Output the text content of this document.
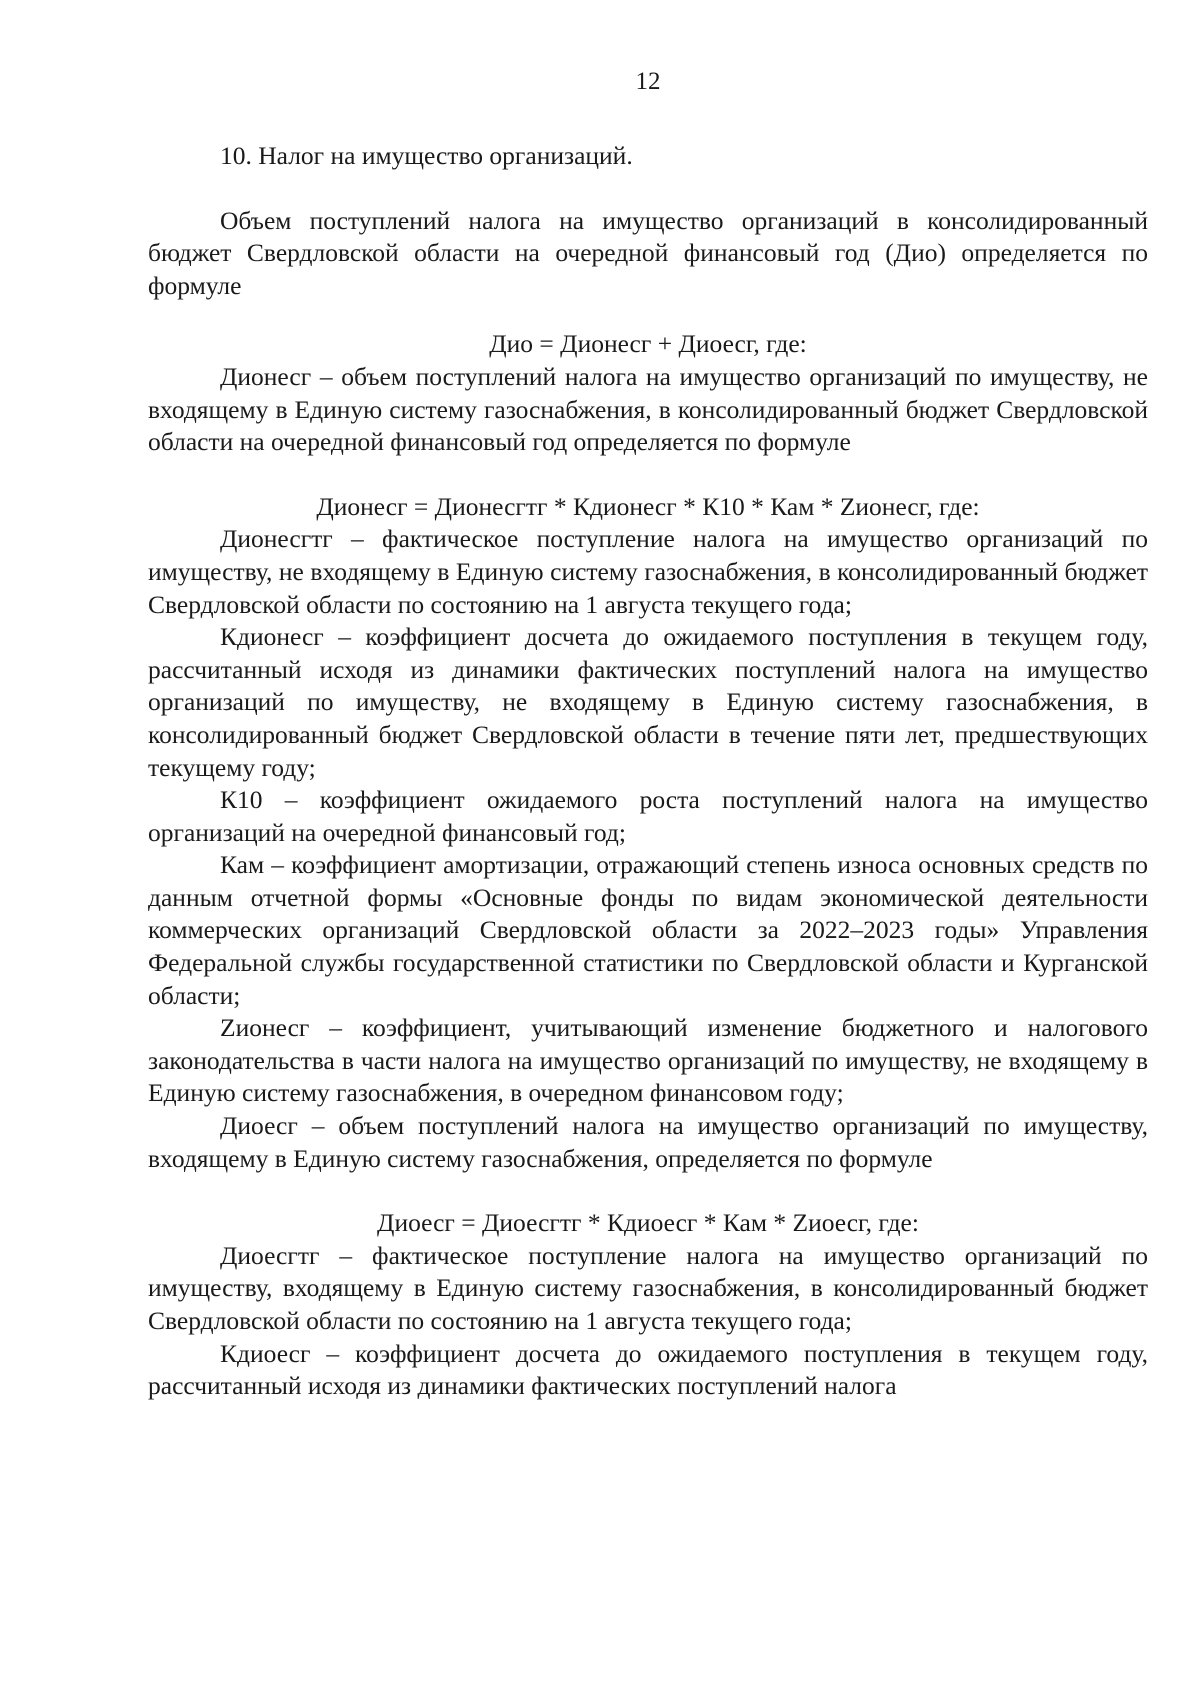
12

10. Налог на имущество организаций.

Объем поступлений налога на имущество организаций в консолидированный бюджет Свердловской области на очередной финансовый год (Дио) определяется по формуле

Дио = Дионесг + Диоесг, где:

Дионесг – объем поступлений налога на имущество организаций по имуществу, не входящему в Единую систему газоснабжения, в консолидированный бюджет Свердловской области на очередной финансовый год определяется по формуле

Дионесг = Дионесгтг * Кдионесг * К10 * Кам * Zионесг, где:

Дионесгтг – фактическое поступление налога на имущество организаций по имуществу, не входящему в Единую систему газоснабжения, в консолидированный бюджет Свердловской области по состоянию на 1 августа текущего года;

Кдионесг – коэффициент досчета до ожидаемого поступления в текущем году, рассчитанный исходя из динамики фактических поступлений налога на имущество организаций по имуществу, не входящему в Единую систему газоснабжения, в консолидированный бюджет Свердловской области в течение пяти лет, предшествующих текущему году;

К10 – коэффициент ожидаемого роста поступлений налога на имущество организаций на очередной финансовый год;

Кам – коэффициент амортизации, отражающий степень износа основных средств по данным отчетной формы «Основные фонды по видам экономической деятельности коммерческих организаций Свердловской области за 2022–2023 годы» Управления Федеральной службы государственной статистики по Свердловской области и Курганской области;

Zионесг – коэффициент, учитывающий изменение бюджетного и налогового законодательства в части налога на имущество организаций по имуществу, не входящему в Единую систему газоснабжения, в очередном финансовом году;

Диоесг – объем поступлений налога на имущество организаций по имуществу, входящему в Единую систему газоснабжения, определяется по формуле

Диоесг = Диоесгтг * Кдиоесг * Кам * Zиоесг, где:

Диоесгтг – фактическое поступление налога на имущество организаций по имуществу, входящему в Единую систему газоснабжения, в консолидированный бюджет Свердловской области по состоянию на 1 августа текущего года;

Кдиоесг – коэффициент досчета до ожидаемого поступления в текущем году, рассчитанный исходя из динамики фактических поступлений налога
